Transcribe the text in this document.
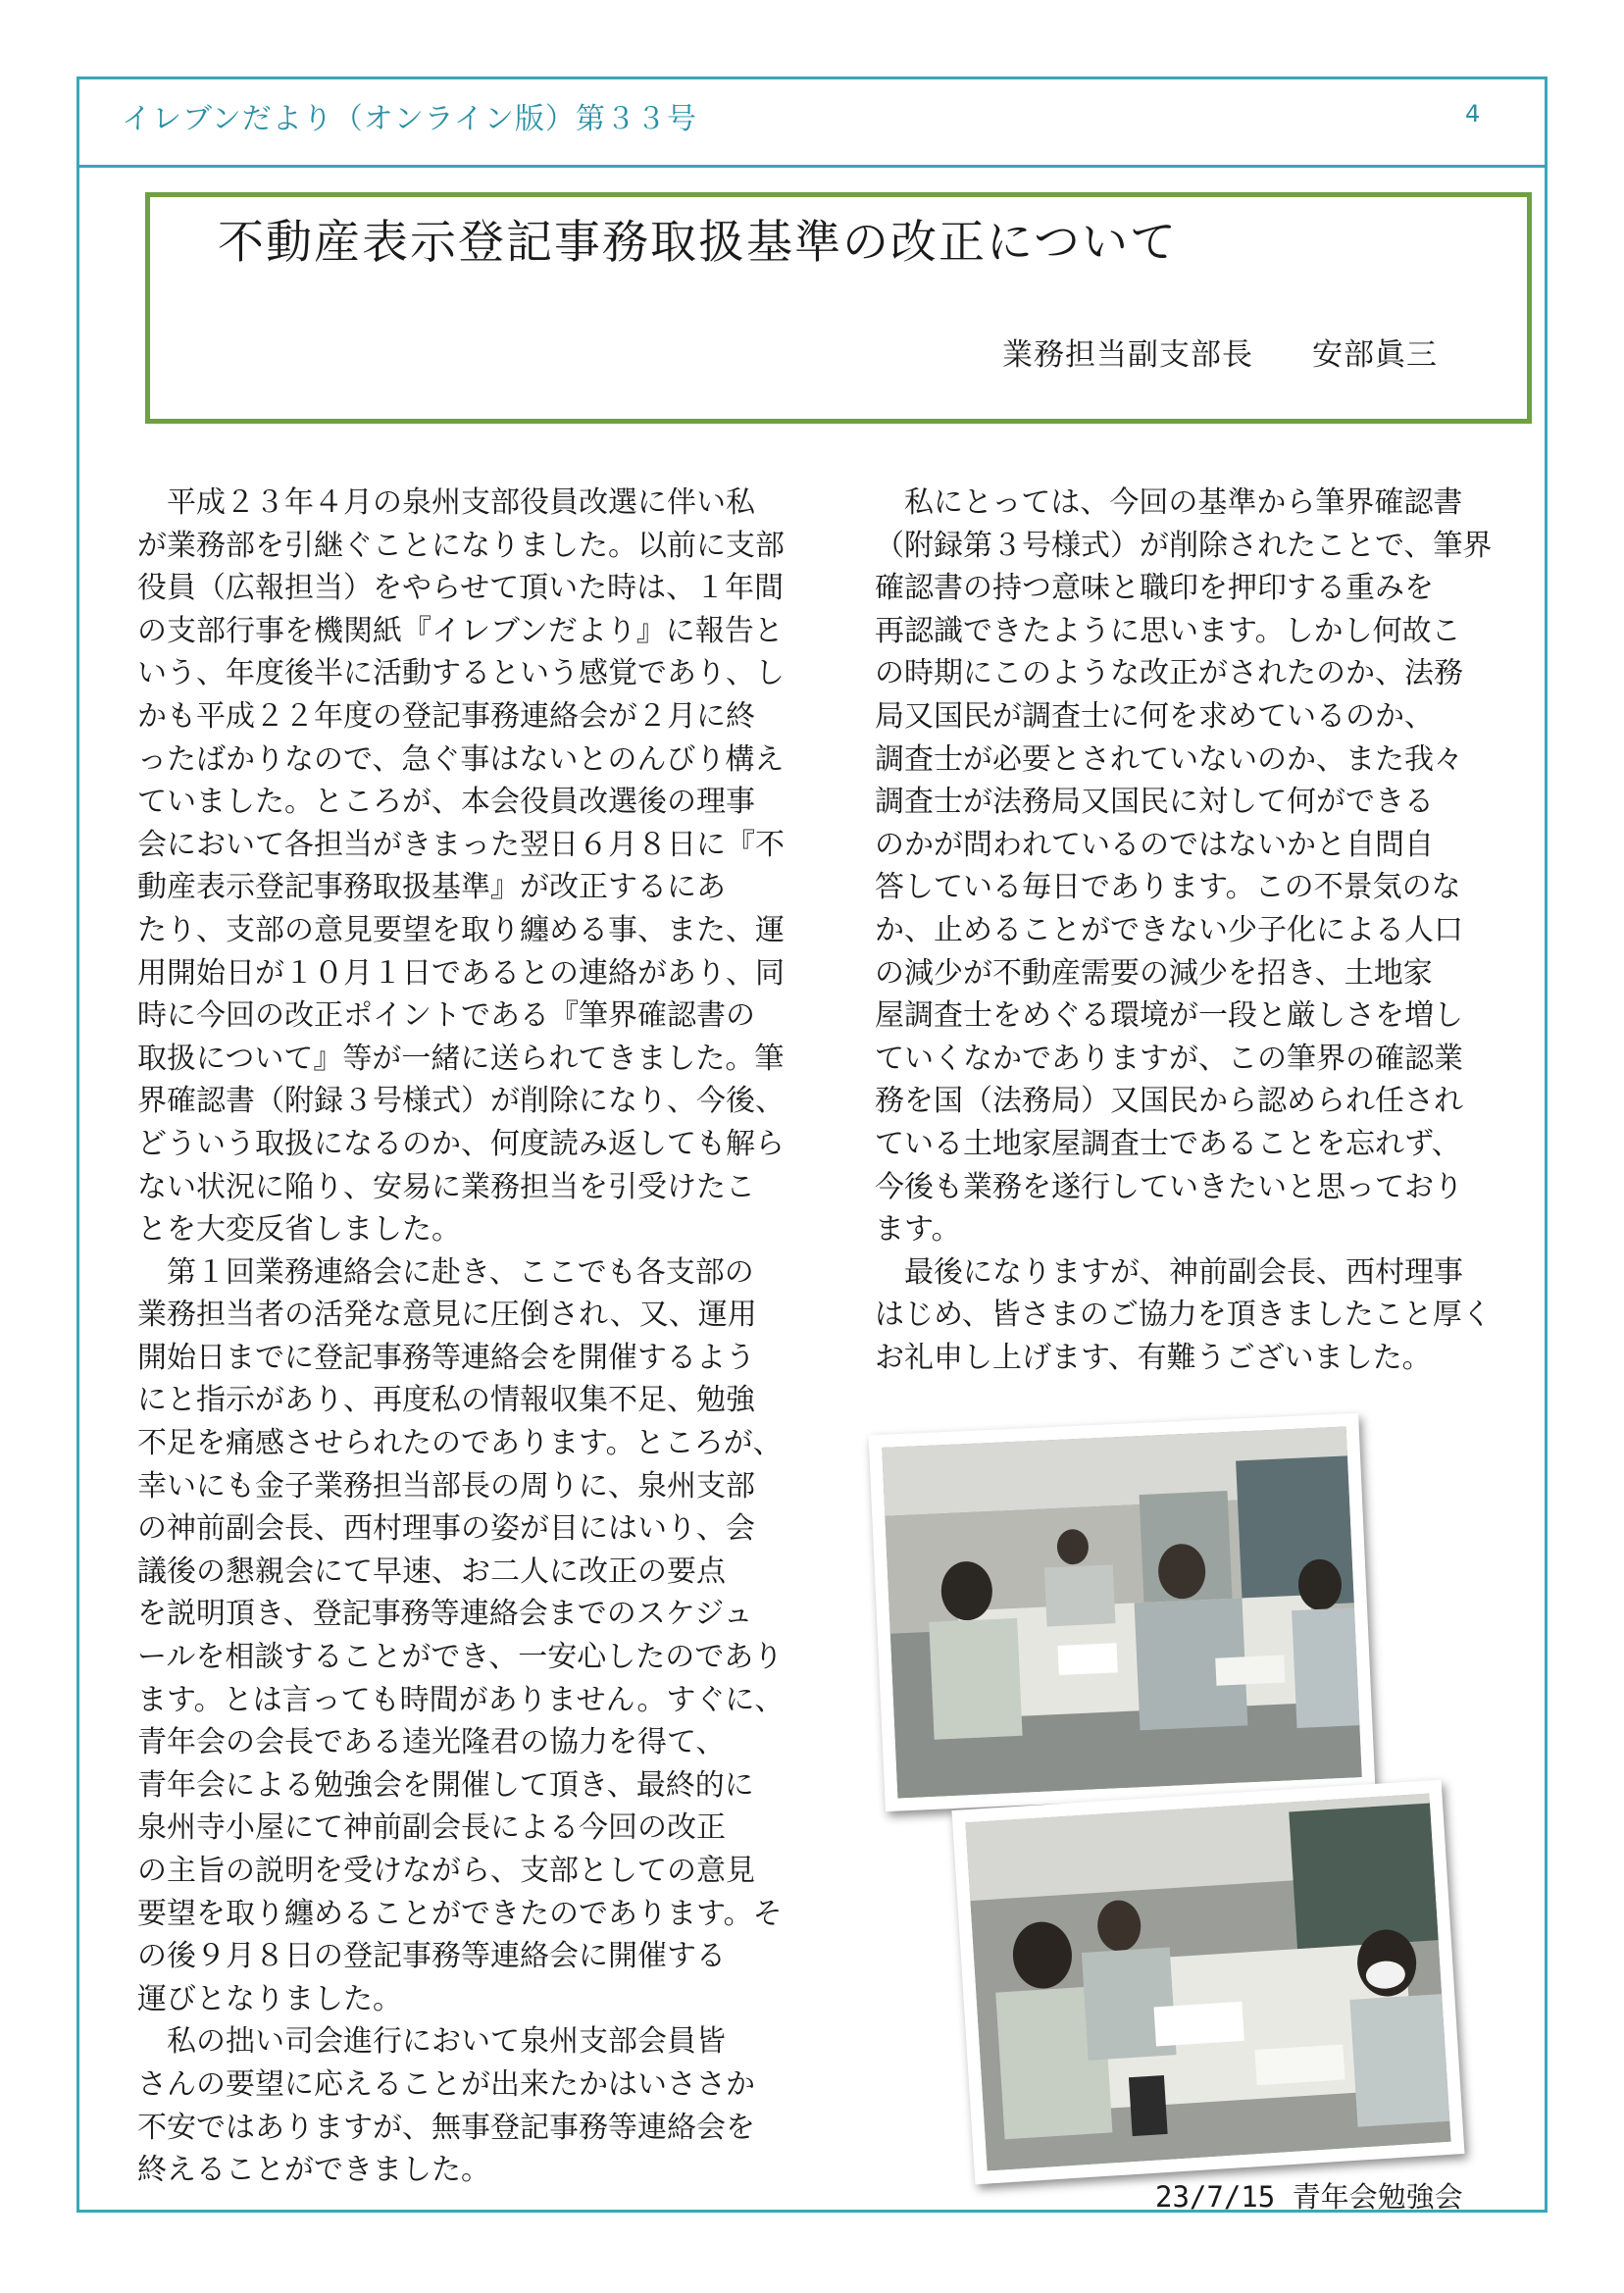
イレブンだより（オンライン版）第３３号	4
不動産表示登記事務取扱基準の改正について
業務担当副支部長 安部眞三

　平成２３年４月の泉州支部役員改選に伴い私

が業務部を引継ぐことになりました。以前に支部

役員（広報担当）をやらせて頂いた時は、１年間

の支部行事を機関紙『イレブンだより』に報告と

いう、年度後半に活動するという感覚であり、し

かも平成２２年度の登記事務連絡会が２月に終

ったばかりなので、急ぐ事はないとのんびり構え

ていました。ところが、本会役員改選後の理事

会において各担当がきまった翌日６月８日に『不

動産表示登記事務取扱基準』が改正するにあ

たり、支部の意見要望を取り纏める事、また、運

用開始日が１０月１日であるとの連絡があり、同

時に今回の改正ポイントである『筆界確認書の

取扱について』等が一緒に送られてきました。筆

界確認書（附録３号様式）が削除になり、今後、

どういう取扱になるのか、何度読み返しても解ら

ない状況に陥り、安易に業務担当を引受けたこ

とを大変反省しました。

　第１回業務連絡会に赴き、ここでも各支部の

業務担当者の活発な意見に圧倒され、又、運用

開始日までに登記事務等連絡会を開催するよう

にと指示があり、再度私の情報収集不足、勉強

不足を痛感させられたのであります。ところが、

幸いにも金子業務担当部長の周りに、泉州支部

の神前副会長、西村理事の姿が目にはいり、会

議後の懇親会にて早速、お二人に改正の要点

を説明頂き、登記事務等連絡会までのスケジュ

ールを相談することができ、一安心したのであり

ます。とは言っても時間がありません。すぐに、

青年会の会長である逵光隆君の協力を得て、

青年会による勉強会を開催して頂き、最終的に

泉州寺小屋にて神前副会長による今回の改正

の主旨の説明を受けながら、支部としての意見

要望を取り纏めることができたのであります。そ

の後９月８日の登記事務等連絡会に開催する

運びとなりました。

　私の拙い司会進行において泉州支部会員皆

さんの要望に応えることが出来たかはいささか

不安ではありますが、無事登記事務等連絡会を

終えることができました。

　私にとっては、今回の基準から筆界確認書

（附録第３号様式）が削除されたことで、筆界

確認書の持つ意味と職印を押印する重みを

再認識できたように思います。しかし何故こ

の時期にこのような改正がされたのか、法務

局又国民が調査士に何を求めているのか、

調査士が必要とされていないのか、また我々

調査士が法務局又国民に対して何ができる

のかが問われているのではないかと自問自

答している毎日であります。この不景気のな

か、止めることができない少子化による人口

の減少が不動産需要の減少を招き、土地家

屋調査士をめぐる環境が一段と厳しさを増し

ていくなかでありますが、この筆界の確認業

務を国（法務局）又国民から認められ任され

ている土地家屋調査士であることを忘れず、

今後も業務を遂行していきたいと思っており

ます。

　最後になりますが、神前副会長、西村理事

はじめ、皆さまのご協力を頂きましたこと厚く

お礼申し上げます、有難うございました。

23/7/15 青年会勉強会
